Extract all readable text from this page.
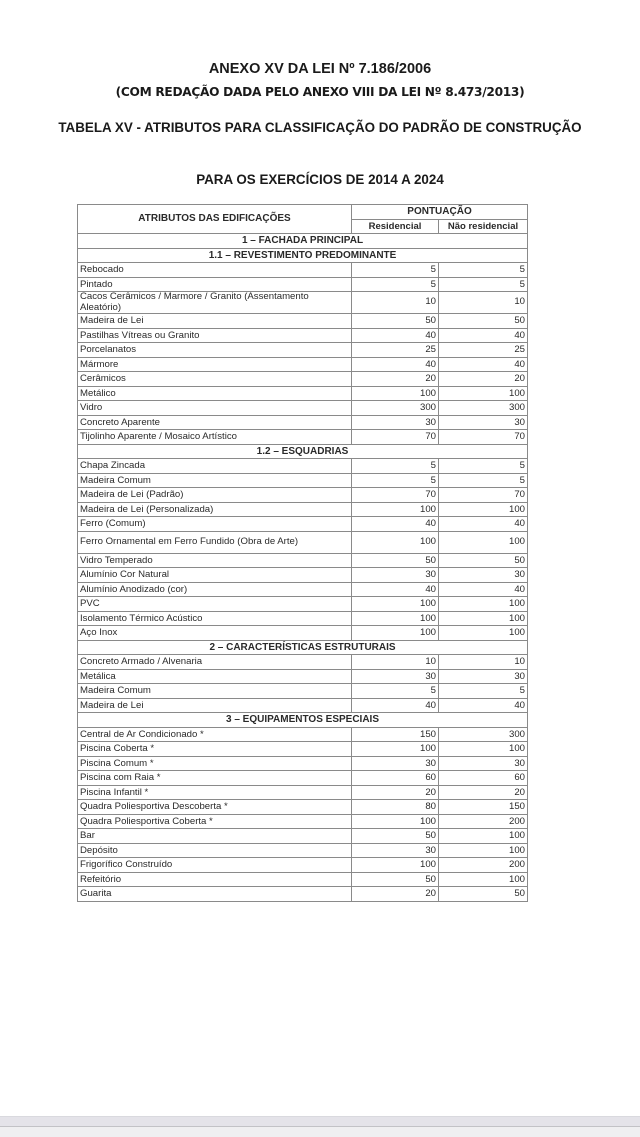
ANEXO XV DA LEI Nº 7.186/2006
(COM REDAÇÃO DADA PELO ANEXO VIII DA LEI Nº 8.473/2013)
TABELA XV - ATRIBUTOS PARA CLASSIFICAÇÃO DO PADRÃO DE CONSTRUÇÃO
PARA OS EXERCÍCIOS DE 2014 A 2024
ATRIBUTOS DAS EDIFICAÇÕES	PONTUAÇÃO	
	Residencial	Não residencial
1 – FACHADA PRINCIPAL		
1.1 – REVESTIMENTO PREDOMINANTE		
Rebocado	5	5
Pintado	5	5
Cacos Cerâmicos / Marmore / Granito (Assentamento Aleatório)	10	10
Madeira de Lei	50	50
Pastilhas Vítreas ou Granito	40	40
Porcelanatos	25	25
Mármore	40	40
Cerâmicos	20	20
Metálico	100	100
Vidro	300	300
Concreto Aparente	30	30
Tijolinho Aparente / Mosaico Artístico	70	70
1.2 – ESQUADRIAS		
Chapa Zincada	5	5
Madeira Comum	5	5
Madeira de Lei (Padrão)	70	70
Madeira de Lei (Personalizada)	100	100
Ferro (Comum)	40	40
Ferro Ornamental em Ferro Fundido (Obra de Arte)	100	100
Vidro Temperado	50	50
Alumínio Cor Natural	30	30
Alumínio Anodizado (cor)	40	40
PVC	100	100
Isolamento Térmico Acústico	100	100
Aço Inox	100	100
2 – CARACTERÍSTICAS ESTRUTURAIS		
Concreto Armado / Alvenaria	10	10
Metálica	30	30
Madeira Comum	5	5
Madeira de Lei	40	40
3 – EQUIPAMENTOS ESPECIAIS		
Central de Ar Condicionado *	150	300
Piscina Coberta *	100	100
Piscina Comum *	30	30
Piscina com Raia *	60	60
Piscina Infantil *	20	20
Quadra Poliesportiva Descoberta *	80	150
Quadra Poliesportiva Coberta *	100	200
Bar	50	100
Depósito	30	100
Frigorífico Construído	100	200
Refeitório	50	100
Guarita	20	50
